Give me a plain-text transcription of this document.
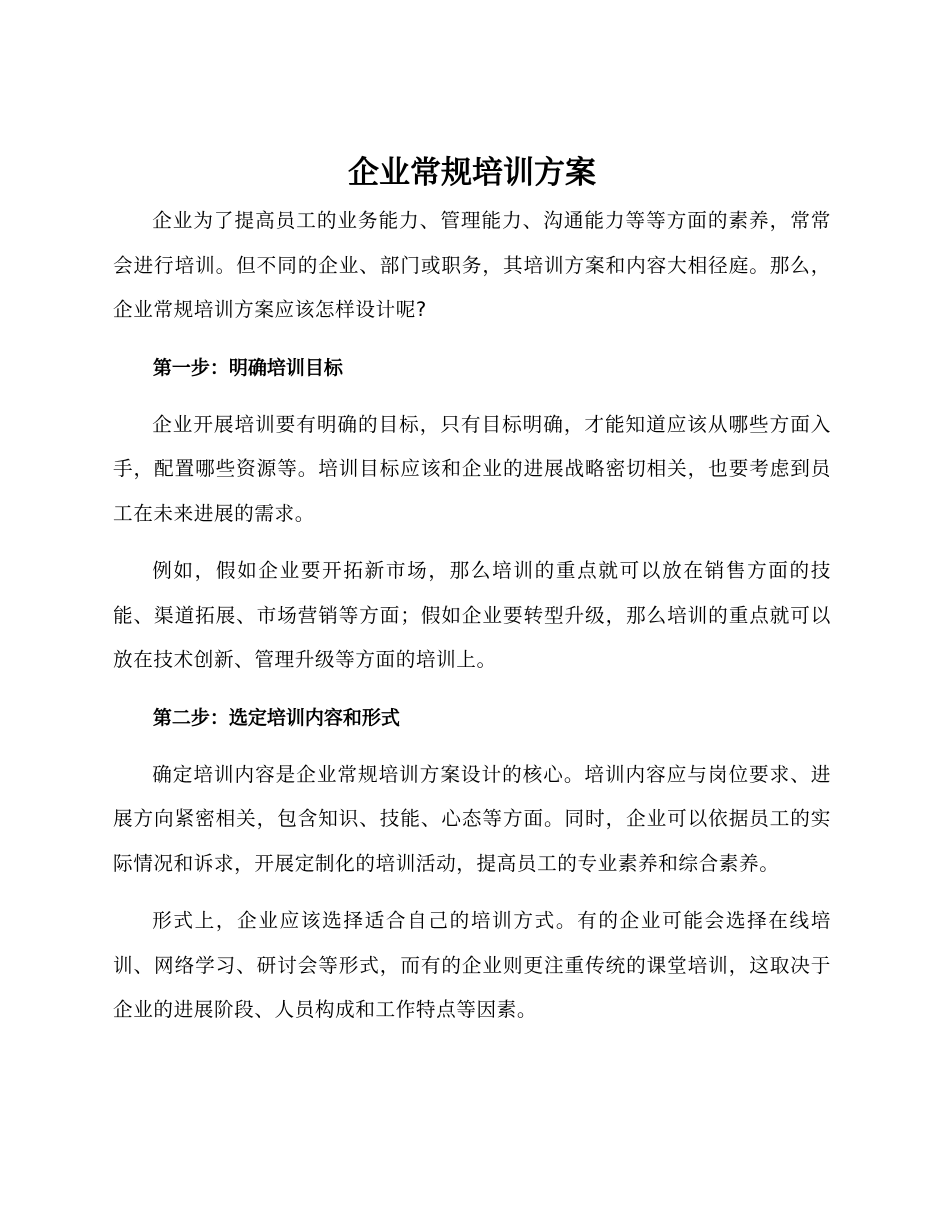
企业常规培训方案

企业为了提高员工的业务能力、管理能力、沟通能力等等方面的素养，常常会进行培训。但不同的企业、部门或职务，其培训方案和内容大相径庭。那么，企业常规培训方案应该怎样设计呢?

第一步：明确培训目标

企业开展培训要有明确的目标，只有目标明确，才能知道应该从哪些方面入手，配置哪些资源等。培训目标应该和企业的进展战略密切相关，也要考虑到员工在未来进展的需求。

例如，假如企业要开拓新市场，那么培训的重点就可以放在销售方面的技能、渠道拓展、市场营销等方面；假如企业要转型升级，那么培训的重点就可以放在技术创新、管理升级等方面的培训上。

第二步：选定培训内容和形式

确定培训内容是企业常规培训方案设计的核心。培训内容应与岗位要求、进展方向紧密相关，包含知识、技能、心态等方面。同时，企业可以依据员工的实际情况和诉求，开展定制化的培训活动，提高员工的专业素养和综合素养。

形式上，企业应该选择适合自己的培训方式。有的企业可能会选择在线培训、网络学习、研讨会等形式，而有的企业则更注重传统的课堂培训，这取决于企业的进展阶段、人员构成和工作特点等因素。
